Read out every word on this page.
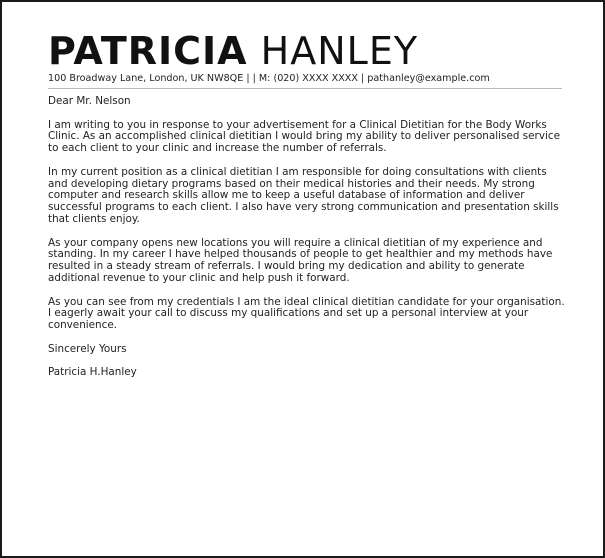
PATRICIA HANLEY
100 Broadway Lane, London, UK NW8QE | | M: (020) XXXX XXXX | pathanley@example.com

Dear Mr. Nelson

I am writing to you in response to your advertisement for a Clinical Dietitian for the Body Works Clinic. As an accomplished clinical dietitian I would bring my ability to deliver personalised service to each client to your clinic and increase the number of referrals.

In my current position as a clinical dietitian I am responsible for doing consultations with clients and developing dietary programs based on their medical histories and their needs. My strong computer and research skills allow me to keep a useful database of information and deliver successful programs to each client. I also have very strong communication and presentation skills that clients enjoy.

As your company opens new locations you will require a clinical dietitian of my experience and standing. In my career I have helped thousands of people to get healthier and my methods have resulted in a steady stream of referrals. I would bring my dedication and ability to generate additional revenue to your clinic and help push it forward.

As you can see from my credentials I am the ideal clinical dietitian candidate for your organisation. I eagerly await your call to discuss my qualifications and set up a personal interview at your convenience.

Sincerely Yours

Patricia H.Hanley
